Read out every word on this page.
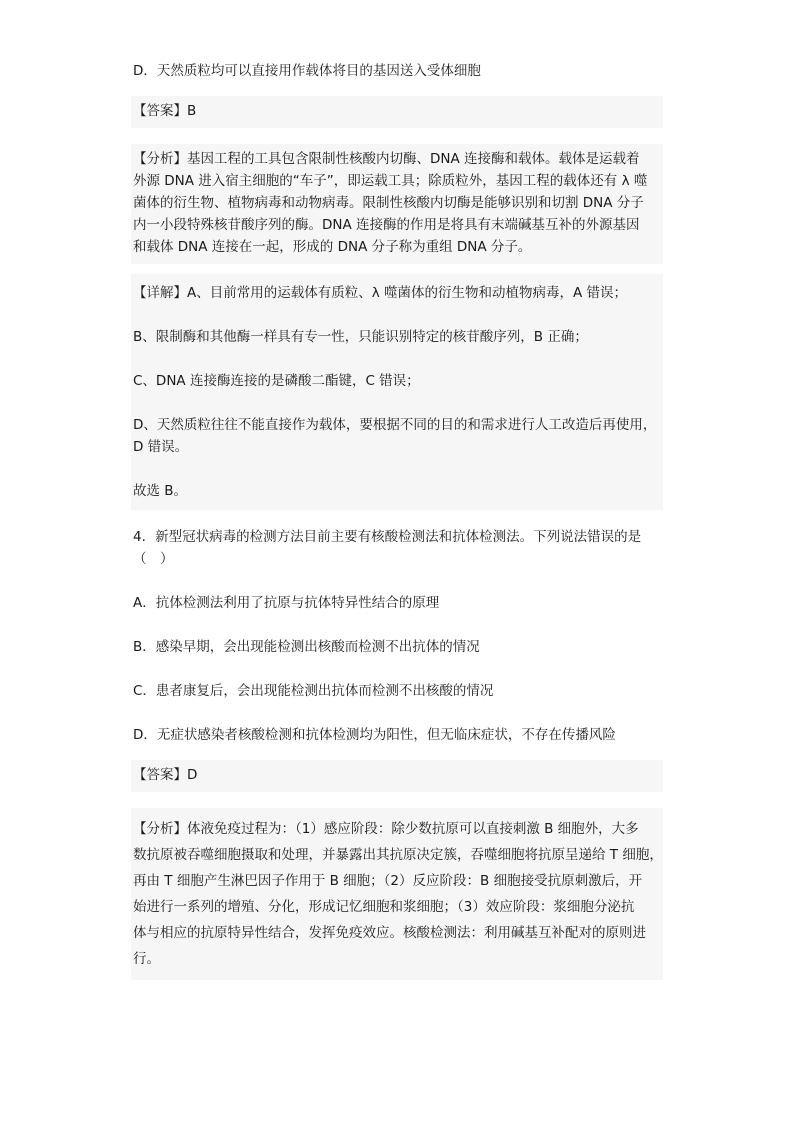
D．天然质粒均可以直接用作载体将目的基因送入受体细胞
【答案】B
【分析】基因工程的工具包含限制性核酸内切酶、DNA 连接酶和载体。载体是运载着
外源 DNA 进入宿主细胞的“车子”，即运载工具；除质粒外，基因工程的载体还有 λ 噬
菌体的衍生物、植物病毒和动物病毒。限制性核酸内切酶是能够识别和切割 DNA 分子
内一小段特殊核苷酸序列的酶。DNA 连接酶的作用是将具有末端碱基互补的外源基因
和载体 DNA 连接在一起，形成的 DNA 分子称为重组 DNA 分子。
【详解】A、目前常用的运载体有质粒、λ 噬菌体的衍生物和动植物病毒，A 错误；
B、限制酶和其他酶一样具有专一性，只能识别特定的核苷酸序列，B 正确；
C、DNA 连接酶连接的是磷酸二酯键，C 错误；
D、天然质粒往往不能直接作为载体，要根据不同的目的和需求进行人工改造后再使用，
D 错误。
故选 B。
4．新型冠状病毒的检测方法目前主要有核酸检测法和抗体检测法。下列说法错误的是
（　）
A．抗体检测法利用了抗原与抗体特异性结合的原理
B．感染早期，会出现能检测出核酸而检测不出抗体的情况
C．患者康复后，会出现能检测出抗体而检测不出核酸的情况
D．无症状感染者核酸检测和抗体检测均为阳性，但无临床症状，不存在传播风险
【答案】D
【分析】体液免疫过程为：（1）感应阶段：除少数抗原可以直接刺激 B 细胞外，大多
数抗原被吞噬细胞摄取和处理，并暴露出其抗原决定簇，吞噬细胞将抗原呈递给 T 细胞，
再由 T 细胞产生淋巴因子作用于 B 细胞；（2）反应阶段：B 细胞接受抗原刺激后，开
始进行一系列的增殖、分化，形成记忆细胞和浆细胞；（3）效应阶段：浆细胞分泌抗
体与相应的抗原特异性结合，发挥免疫效应。核酸检测法：利用碱基互补配对的原则进
行。
